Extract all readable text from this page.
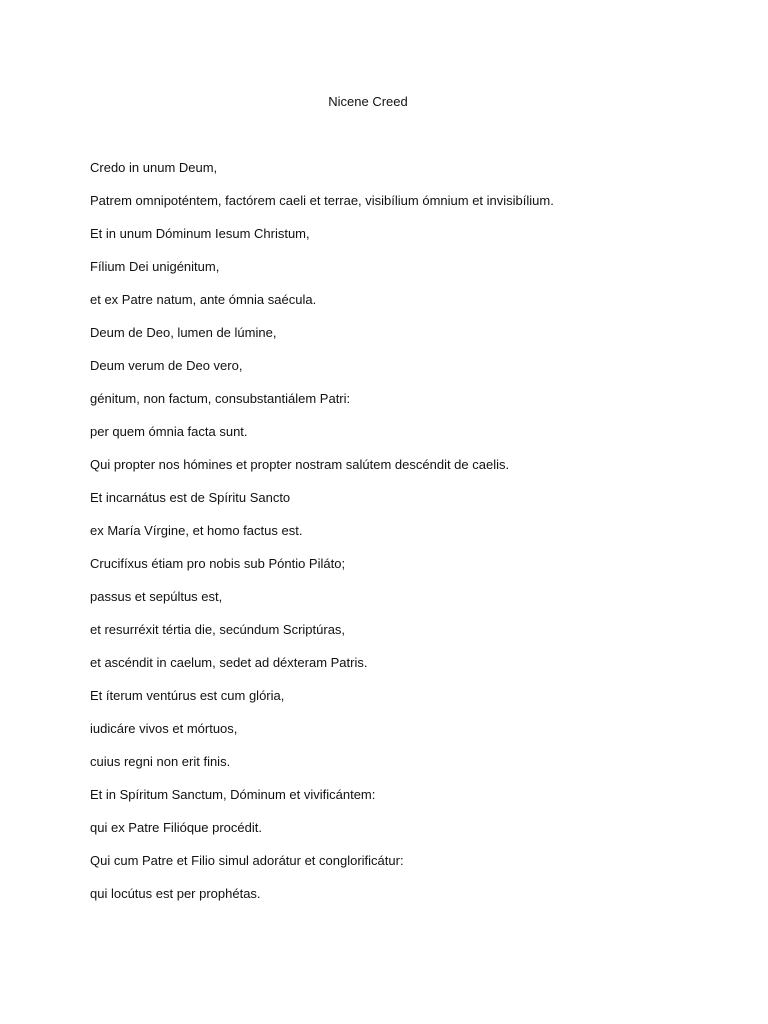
Nicene Creed
Credo in unum Deum,
Patrem omnipoténtem, factórem caeli et terrae, visibílium ómnium et invisibílium.
Et in unum Dóminum Iesum Christum,
Fílium Dei unigénitum,
et ex Patre natum, ante ómnia saécula.
Deum de Deo, lumen de lúmine,
Deum verum de Deo vero,
génitum, non factum, consubstantiálem Patri:
per quem ómnia facta sunt.
Qui propter nos hómines et propter nostram salútem descéndit de caelis.
Et incarnátus est de Spíritu Sancto
ex María Vírgine, et homo factus est.
Crucifíxus étiam pro nobis sub Póntio Piláto;
passus et sepúltus est,
et resurréxit tértia die, secúndum Scriptúras,
et ascéndit in caelum, sedet ad déxteram Patris.
Et íterum ventúrus est cum glória,
iudicáre vivos et mórtuos,
cuius regni non erit finis.
Et in Spíritum Sanctum, Dóminum et vivificántem:
qui ex Patre Filióque procédit.
Qui cum Patre et Filio simul adorátur et conglorificátur:
qui locútus est per prophétas.
